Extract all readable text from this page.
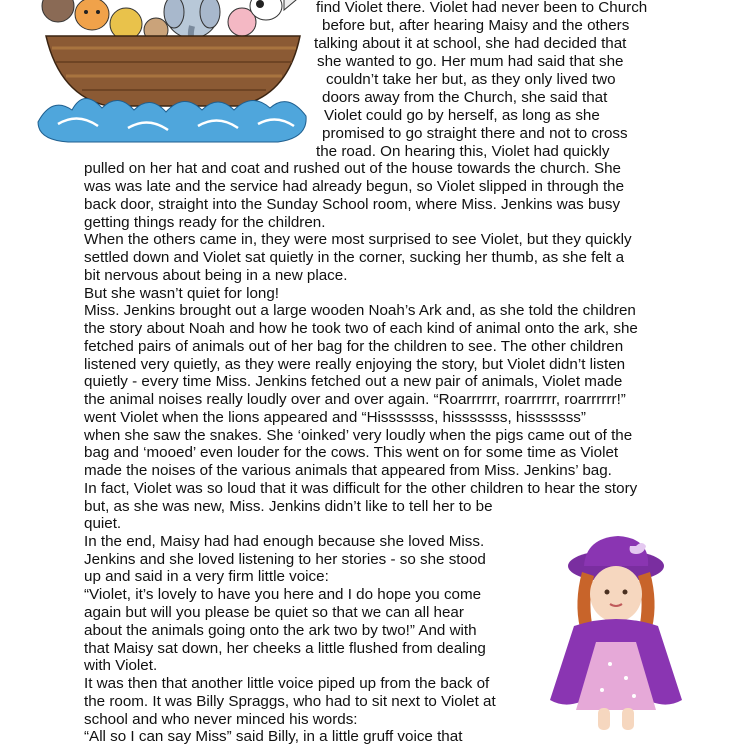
find Violet there. Violet had never been to Church
before but, after hearing Maisy and the others
talking about it at school, she had decided that
she wanted to go. Her mum had said that she
couldn’t take her but, as they only lived two
doors away from the Church, she said that
Violet could go by herself, as long as she
promised to go straight there and not to cross
the road. On hearing this, Violet had quickly
pulled on her hat and coat and rushed out of the house towards the church. She
was was late and the service had already begun, so Violet slipped in through the
back door, straight into the Sunday School room, where Miss. Jenkins was busy
getting things ready for the children.
When the others came in, they were most surprised to see Violet, but they quickly
settled down and Violet sat quietly in the corner, sucking her thumb, as she felt a
bit nervous about being in a new place.
But she wasn’t quiet for long!
Miss. Jenkins brought out a large wooden Noah’s Ark and, as she told the children
the story about Noah and how he took two of each kind of animal onto the ark, she
fetched pairs of animals out of her bag for the children to see. The other children
listened very quietly, as they were really enjoying the story, but Violet didn’t listen
quietly - every time Miss. Jenkins fetched out a new pair of animals, Violet made
the animal noises really loudly over and over again. “Roarrrrrr, roarrrrrr, roarrrrrr!”
went Violet when the lions appeared and “Hisssssss, hisssssss, hisssssss”
when she saw the snakes. She ‘oinked’ very loudly when the pigs came out of the
bag and ‘mooed’ even louder for the cows. This went on for some time as Violet
made the noises of the various animals that appeared from Miss. Jenkins’ bag.
In fact, Violet was so loud that it was difficult for the other children to hear the story
but, as she was new, Miss. Jenkins didn’t like to tell her to be
quiet.
In the end, Maisy had had enough because she loved Miss.
Jenkins and she loved listening to her stories - so she stood
up and said in a very firm little voice:
“Violet, it’s lovely to have you here and I do hope you come
again but will you please be quiet so that we can all hear
about the animals going onto the ark two by two!” And with
that Maisy sat down, her cheeks a little flushed from dealing
with Violet.
It was then that another little voice piped up from the back of
the room. It was Billy Spraggs, who had to sit next to Violet at
school and who never minced his words:
“All so I can say Miss” said Billy, in a little gruff voice that
